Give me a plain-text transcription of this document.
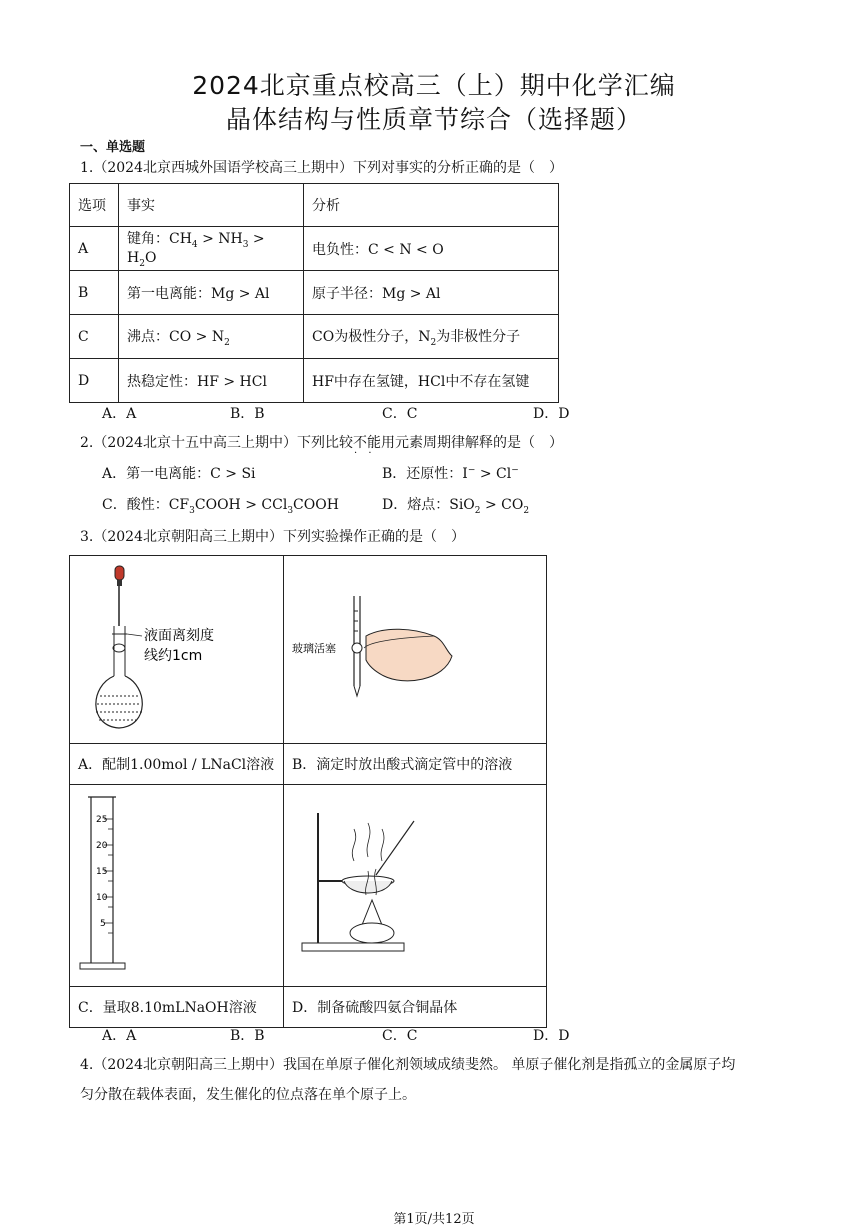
2024北京重点校高三（上）期中化学汇编
晶体结构与性质章节综合（选择题）
一、单选题
1.（2024北京西城外国语学校高三上期中）下列对事实的分析正确的是（　）
选项	事实	分析
A	键角：$CH_4 > NH_3 > H_2O$	电负性：C < N < O
B	第一电离能：Mg > Al	原子半径：Mg > Al
C	沸点：CO > $N_2$	CO为极性分子，$N_2$为非极性分子
D	热稳定性：HF > HCl	HF中存在氢键，HCl中不存在氢键
A．A	B．B	C．C	D．D
2.（2024北京十五中高三上期中）下列比较不能 · ·用元素周期律解释的是（　）
A．第一电离能：C > Si	B．还原性：I− > Cl−
C．酸性：$CF_3COOH$ > CCl$_3$COOH	D．熔点：$SiO_2 > CO_2$
3.（2024北京朝阳高三上期中）下列实验操作正确的是（　）
液面离刻度
线约1cm	玻璃活塞

A．配制1.00mol / LNaCl溶液	B．滴定时放出酸式滴定管中的溶液

25
20
15
10
5

C．量取8.10mLNaOH溶液	D．制备硫酸四氨合铜晶体
A．A	B．B	C．C	D．D
4.（2024北京朝阳高三上期中）我国在单原子催化剂领域成绩斐然。 单原子催化剂是指孤立的金属原子均
匀分散在载体表面，发生催化的位点落在单个原子上。
第1页/共12页
